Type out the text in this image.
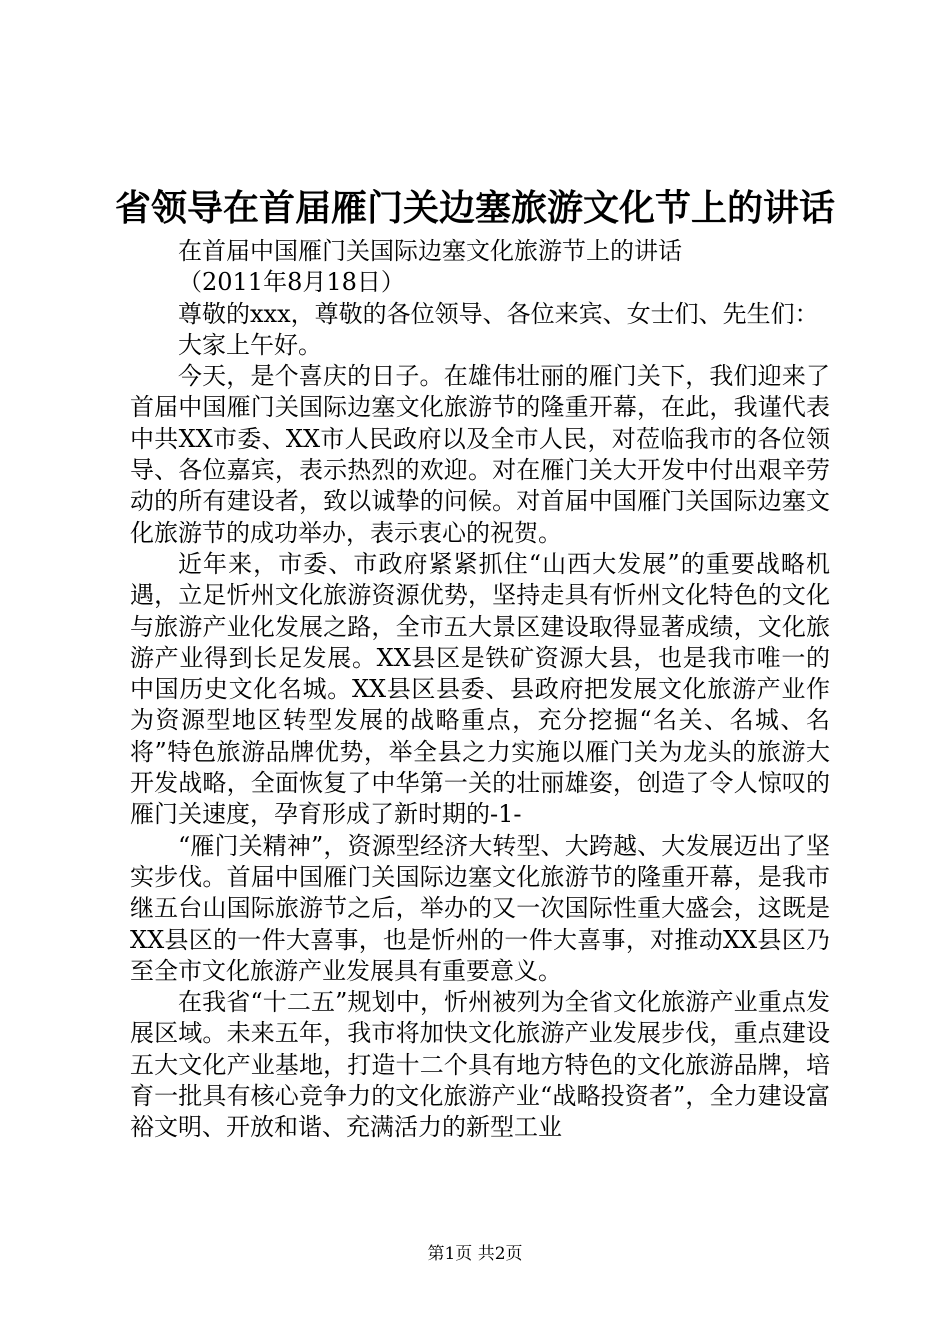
省领导在首届雁门关边塞旅游文化节上的讲话

在首届中国雁门关国际边塞文化旅游节上的讲话

（2011年8月18日）

尊敬的xxx，尊敬的各位领导、各位来宾、女士们、先生们：

大家上午好。

今天，是个喜庆的日子。在雄伟壮丽的雁门关下，我们迎来了首届中国雁门关国际边塞文化旅游节的隆重开幕，在此，我谨代表中共XX市委、XX市人民政府以及全市人民，对莅临我市的各位领导、各位嘉宾，表示热烈的欢迎。对在雁门关大开发中付出艰辛劳动的所有建设者，致以诚挚的问候。对首届中国雁门关国际边塞文化旅游节的成功举办，表示衷心的祝贺。

近年来，市委、市政府紧紧抓住“山西大发展”的重要战略机遇，立足忻州文化旅游资源优势，坚持走具有忻州文化特色的文化与旅游产业化发展之路，全市五大景区建设取得显著成绩，文化旅游产业得到长足发展。XX县区是铁矿资源大县，也是我市唯一的中国历史文化名城。XX县区县委、县政府把发展文化旅游产业作为资源型地区转型发展的战略重点，充分挖掘“名关、名城、名将”特色旅游品牌优势，举全县之力实施以雁门关为龙头的旅游大开发战略，全面恢复了中华第一关的壮丽雄姿，创造了令人惊叹的雁门关速度，孕育形成了新时期的-1-

“雁门关精神”，资源型经济大转型、大跨越、大发展迈出了坚实步伐。首届中国雁门关国际边塞文化旅游节的隆重开幕，是我市继五台山国际旅游节之后，举办的又一次国际性重大盛会，这既是XX县区的一件大喜事，也是忻州的一件大喜事，对推动XX县区乃至全市文化旅游产业发展具有重要意义。

在我省“十二五”规划中，忻州被列为全省文化旅游产业重点发展区域。未来五年，我市将加快文化旅游产业发展步伐，重点建设五大文化产业基地，打造十二个具有地方特色的文化旅游品牌，培育一批具有核心竞争力的文化旅游产业“战略投资者”，全力建设富裕文明、开放和谐、充满活力的新型工业

第1页 共2页
